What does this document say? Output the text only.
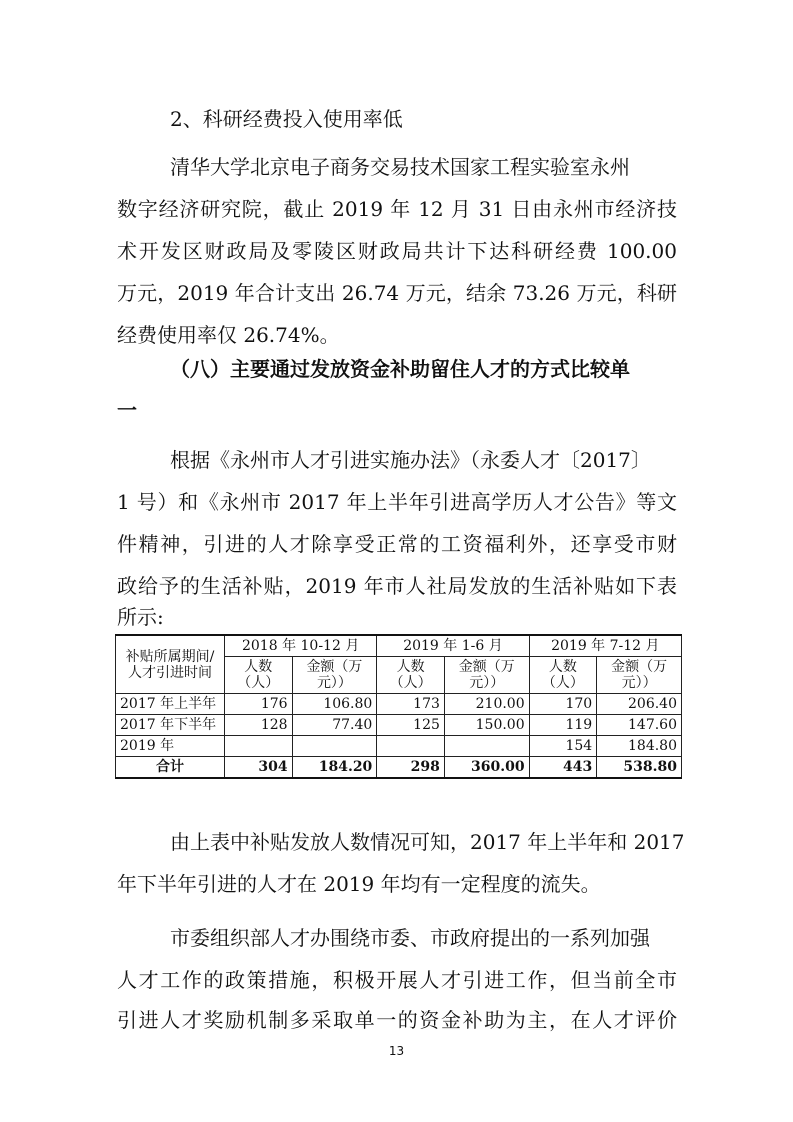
2、科研经费投入使用率低
清华大学北京电子商务交易技术国家工程实验室永州
数字经济研究院，截止 2019 年 12 月 31 日由永州市经济技
术开发区财政局及零陵区财政局共计下达科研经费 100.00
万元，2019 年合计支出 26.74 万元，结余 73.26 万元，科研
经费使用率仅 26.74%。
（八）主要通过发放资金补助留住人才的方式比较单
一
根据《永州市人才引进实施办法》（永委人才〔2017〕
补贴所属期间/人才引进时间	2018 年 10-12 月		2019 年 1-6 月		2019 年 7-12 月	
	人数（人）	金额（万元））	人数（人）	金额（万元））	人数（人）	金额（万元））
2017 年上半年	176	106.80	173	210.00	170	206.40
2017 年下半年	128	77.40	125	150.00	119	147.60
2019 年					154	184.80
合计	304	184.20	298	360.00	443	538.80
由上表中补贴发放人数情况可知，2017 年上半年和 2017
年下半年引进的人才在 2019 年均有一定程度的流失。
市委组织部人才办围绕市委、市政府提出的一系列加强
13
1 号）和《永州市 2017 年上半年引进高学历人才公告》等文
件精神，引进的人才除享受正常的工资福利外，还享受市财
政给予的生活补贴，2019 年市人社局发放的生活补贴如下表
所示:
人才工作的政策措施，积极开展人才引进工作，但当前全市
引进人才奖励机制多采取单一的资金补助为主，在人才评价
